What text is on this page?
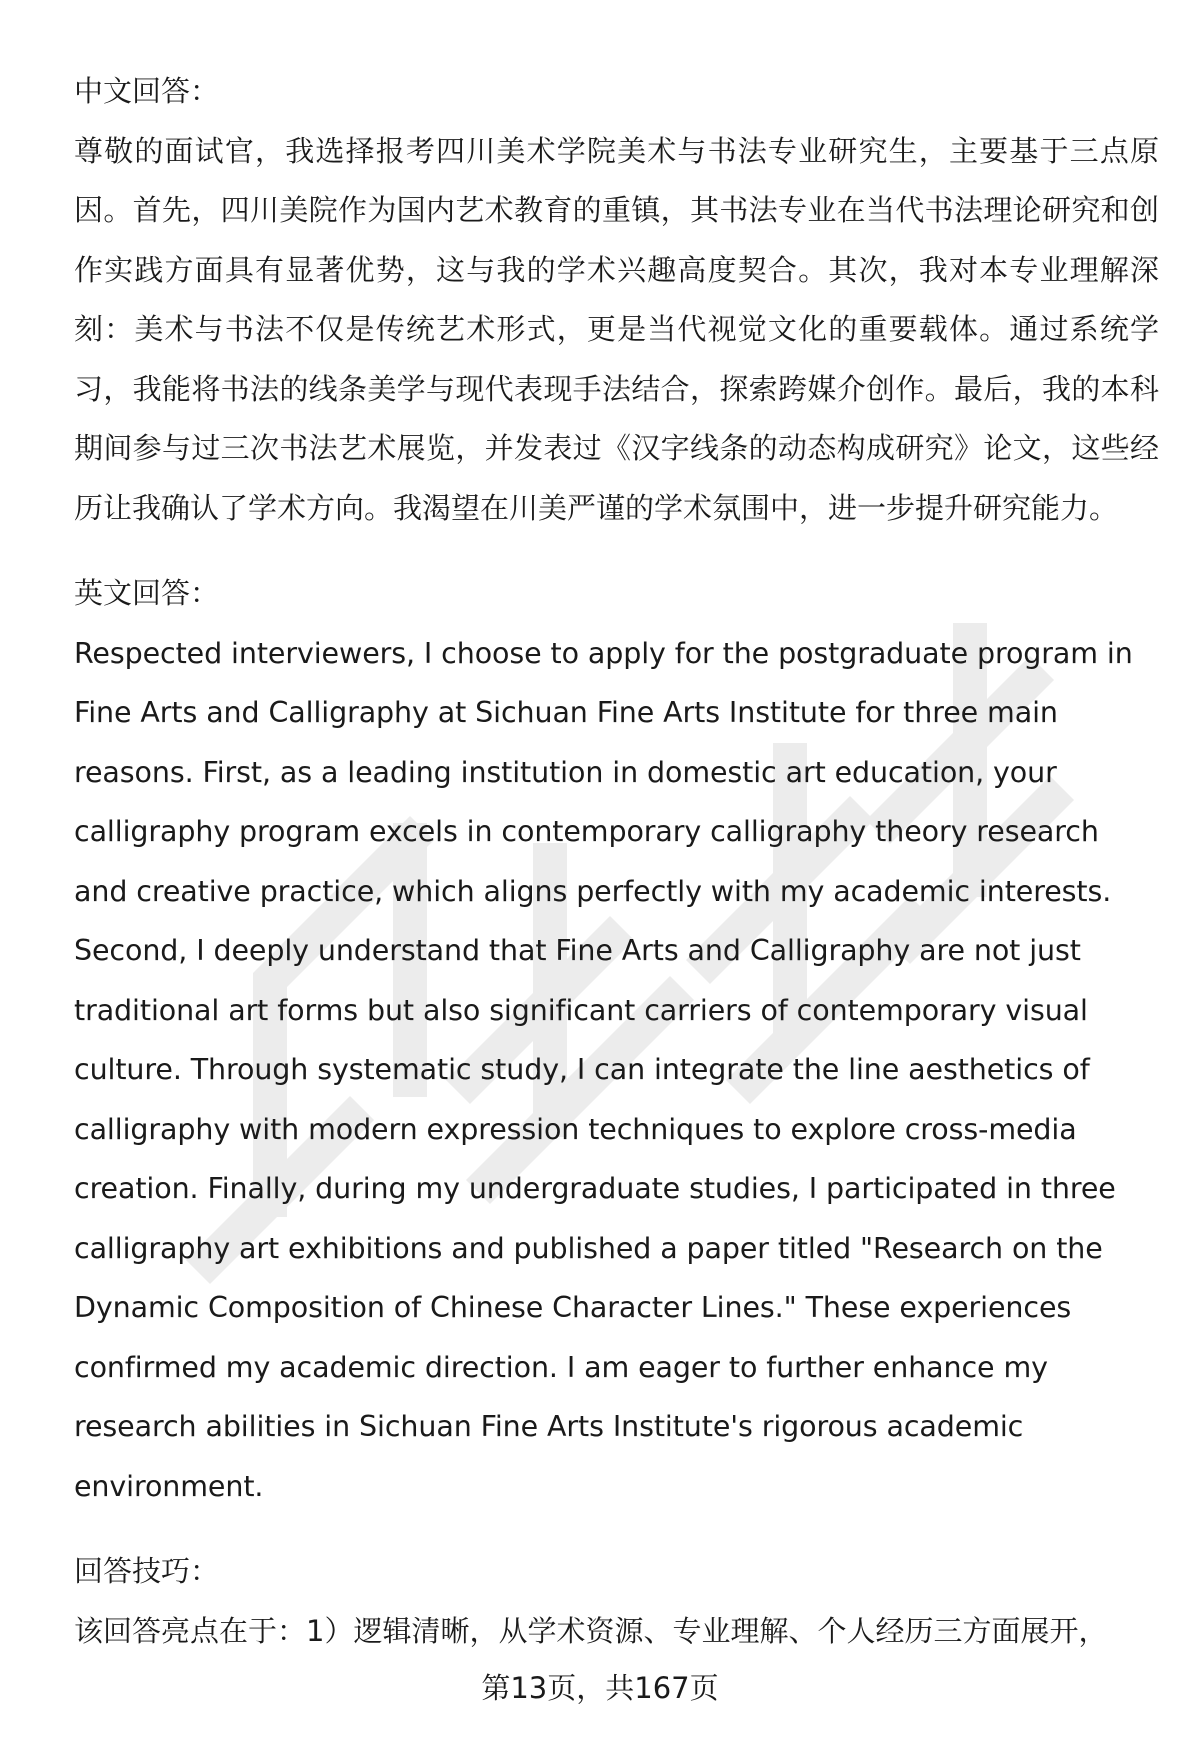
中文回答：

尊敬的面试官，我选择报考四川美术学院美术与书法专业研究生，主要基于三点原因。首先，四川美院作为国内艺术教育的重镇，其书法专业在当代书法理论研究和创作实践方面具有显著优势，这与我的学术兴趣高度契合。其次，我对本专业理解深刻：美术与书法不仅是传统艺术形式，更是当代视觉文化的重要载体。通过系统学习，我能将书法的线条美学与现代表现手法结合，探索跨媒介创作。最后，我的本科期间参与过三次书法艺术展览，并发表过《汉字线条的动态构成研究》论文，这些经历让我确认了学术方向。我渴望在川美严谨的学术氛围中，进一步提升研究能力。

英文回答：

Respected interviewers, I choose to apply for the postgraduate program in Fine Arts and Calligraphy at Sichuan Fine Arts Institute for three main reasons. First, as a leading institution in domestic art education, your calligraphy program excels in contemporary calligraphy theory research and creative practice, which aligns perfectly with my academic interests. Second, I deeply understand that Fine Arts and Calligraphy are not just traditional art forms but also significant carriers of contemporary visual culture. Through systematic study, I can integrate the line aesthetics of calligraphy with modern expression techniques to explore cross-media creation. Finally, during my undergraduate studies, I participated in three calligraphy art exhibitions and published a paper titled "Research on the Dynamic Composition of Chinese Character Lines." These experiences confirmed my academic direction. I am eager to further enhance my research abilities in Sichuan Fine Arts Institute's rigorous academic environment.

回答技巧：

该回答亮点在于：1）逻辑清晰，从学术资源、专业理解、个人经历三方面展开，

第13页，共167页
